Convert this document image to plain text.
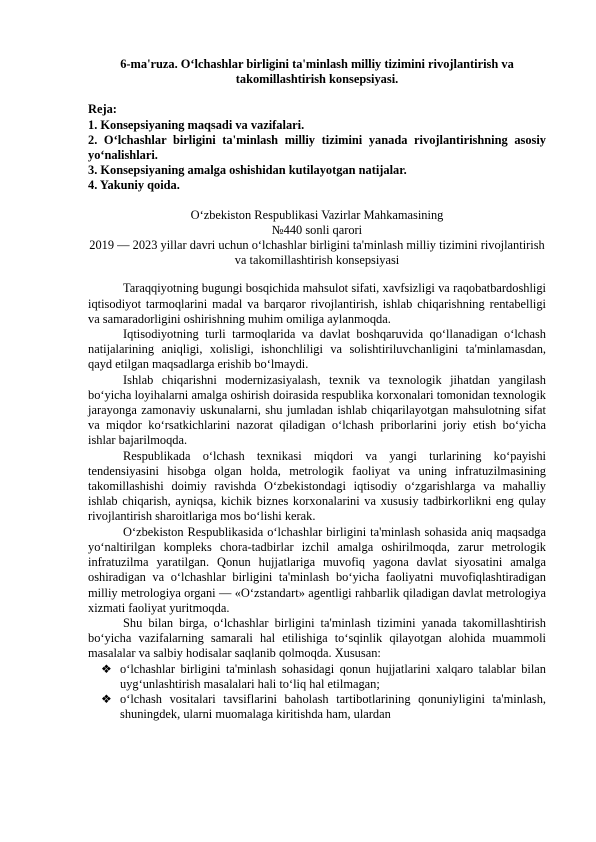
6-ma'ruza. O‘lchashlar birligini ta'minlash milliy tizimini rivojlantirish va takomillashtirish konsepsiyasi.

Reja:
1. Konsepsiyaning maqsadi va vazifalari.
2. O‘lchashlar birligini ta'minlash milliy tizimini yanada rivojlantirishning asosiy yo‘nalishlari.
3. Konsepsiyaning amalga oshishidan kutilayotgan natijalar.
4. Yakuniy qoida.
O‘zbekiston Respublikasi Vazirlar Mahkamasining
№440 sonli qarori
2019 ― 2023 yillar davri uchun o‘lchashlar birligini ta'minlash milliy tizimini rivojlantirish va takomillashtirish konsepsiyasi

Taraqqiyotning bugungi bosqichida mahsulot sifati, xavfsizligi va raqobatbardoshligi iqtisodiyot tarmoqlarini madal va barqaror rivojlantirish, ishlab chiqarishning rentabelligi va samaradorligini oshirishning muhim omiliga aylanmoqda.

Iqtisodiyotning turli tarmoqlarida va davlat boshqaruvida qo‘llanadigan o‘lchash natijalarining aniqligi, xolisligi, ishonchliligi va solishtiriluvchanligini ta'minlamasdan, qayd etilgan maqsadlarga erishib bo‘lmaydi.

Ishlab chiqarishni modernizasiyalash, texnik va texnologik jihatdan yangilash bo‘yicha loyihalarni amalga oshirish doirasida respublika korxonalari tomonidan texnologik jarayonga zamonaviy uskunalarni, shu jumladan ishlab chiqarilayotgan mahsulotning sifat va miqdor ko‘rsatkichlarini nazorat qiladigan o‘lchash priborlarini joriy etish bo‘yicha ishlar bajarilmoqda.

Respublikada o‘lchash texnikasi miqdori va yangi turlarining ko‘payishi tendensiyasini hisobga olgan holda, metrologik faoliyat va uning infratuzilmasining takomillashishi doimiy ravishda O‘zbekistondagi iqtisodiy o‘zgarishlarga va mahalliy ishlab chiqarish, ayniqsa, kichik biznes korxonalarini va xususiy tadbirkorlikni eng qulay rivojlantirish sharoitlariga mos bo‘lishi kerak.

O‘zbekiston Respublikasida o‘lchashlar birligini ta'minlash sohasida aniq maqsadga yo‘naltirilgan kompleks chora-tadbirlar izchil amalga oshirilmoqda, zarur metrologik infratuzilma yaratilgan. Qonun hujjatlariga muvofiq yagona davlat siyosatini amalga oshiradigan va o‘lchashlar birligini ta'minlash bo‘yicha faoliyatni muvofiqlashtiradigan milliy metrologiya organi — «O‘zstandart» agentligi rahbarlik qiladigan davlat metrologiya xizmati faoliyat yuritmoqda.

Shu bilan birga, o‘lchashlar birligini ta'minlash tizimini yanada takomillashtirish bo‘yicha vazifalarning samarali hal etilishiga to‘sqinlik qilayotgan alohida muammoli masalalar va salbiy hodisalar saqlanib qolmoqda. Xususan:

❖ o‘lchashlar birligini ta'minlash sohasidagi qonun hujjatlarini xalqaro talablar bilan uyg‘unlashtirish masalalari hali to‘liq hal etilmagan;
❖ o‘lchash vositalari tavsiflarini baholash tartibotlarining qonuniyligini ta'minlash, shuningdek, ularni muomalaga kiritishda ham, ulardan
